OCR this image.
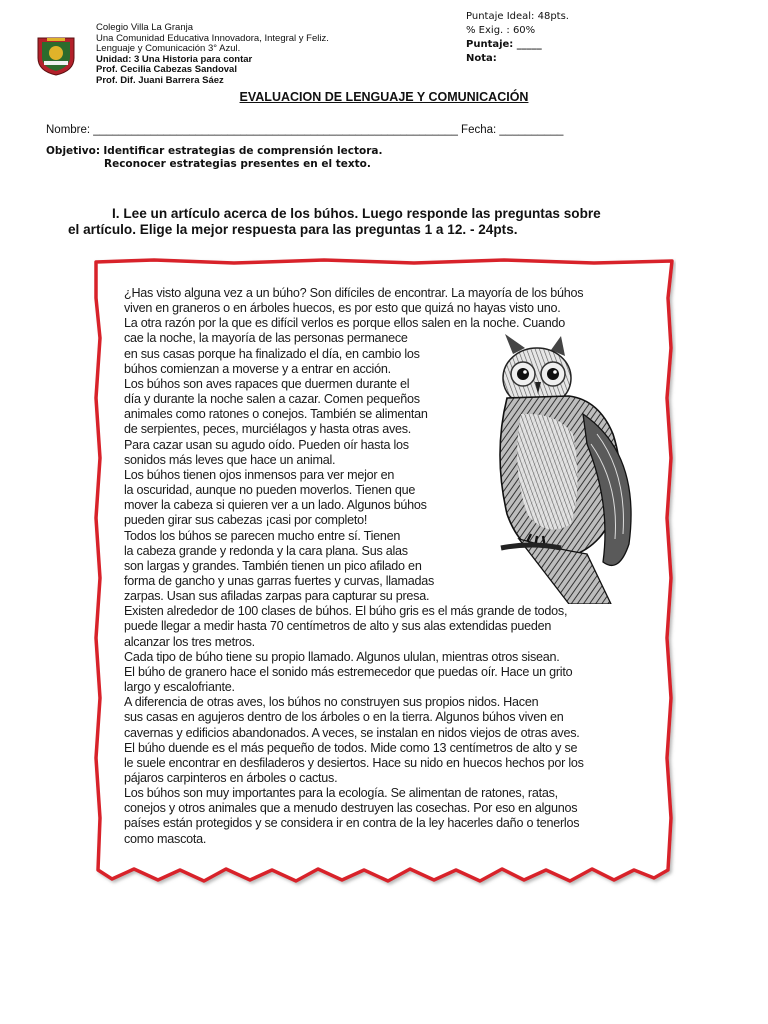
Colegio Villa La Granja
Una Comunidad Educativa Innovadora, Integral y Feliz.
Lenguaje y Comunicación 3° Azul.
Unidad: 3 Una Historia para contar
Prof. Cecilia Cabezas Sandoval
Prof. Dif. Juani Barrera Sáez
Puntaje Ideal: 48pts.
% Exig. : 60%
Puntaje: _____
Nota:
EVALUACION DE LENGUAJE Y COMUNICACIÓN
Nombre: _________________________________________________________ Fecha: __________
Objetivo: Identificar estrategias de comprensión lectora.
Reconocer estrategias presentes en el texto.
I. Lee un artículo acerca de los búhos. Luego responde las preguntas sobre
el artículo. Elige la mejor respuesta para las preguntas 1 a 12. - 24pts.

¿Has visto alguna vez a un búho? Son difíciles de encontrar. La mayoría de los búhos

viven en graneros o en árboles huecos, es por esto que quizá no hayas visto uno.

La otra razón por la que es difícil verlos es porque ellos salen en la noche. Cuando

cae la noche, la mayoría de las personas permanece

en sus casas porque ha finalizado el día, en cambio los

búhos comienzan a moverse y a entrar en acción.

Los búhos son aves rapaces que duermen durante el

día y durante la noche salen a cazar. Comen pequeños

animales como ratones o conejos. También se alimentan

de serpientes, peces, murciélagos y hasta otras aves.

Para cazar usan su agudo oído. Pueden oír hasta los

sonidos más leves que hace un animal.

Los búhos tienen ojos inmensos para ver mejor en

la oscuridad, aunque no pueden moverlos. Tienen que

mover la cabeza si quieren ver a un lado. Algunos búhos

pueden girar sus cabezas ¡casi por completo!

Todos los búhos se parecen mucho entre sí. Tienen

la cabeza grande y redonda y la cara plana. Sus alas

son largas y grandes. También tienen un pico afilado en

forma de gancho y unas garras fuertes y curvas, llamadas

zarpas. Usan sus afiladas zarpas para capturar su presa.

Existen alrededor de 100 clases de búhos. El búho gris es el más grande de todos,

puede llegar a medir hasta 70 centímetros de alto y sus alas extendidas pueden

alcanzar los tres metros.

Cada tipo de búho tiene su propio llamado. Algunos ululan, mientras otros sisean.

El búho de granero hace el sonido más estremecedor que puedas oír. Hace un grito

largo y escalofriante.

A diferencia de otras aves, los búhos no construyen sus propios nidos. Hacen

sus casas en agujeros dentro de los árboles o en la tierra. Algunos búhos viven en

cavernas y edificios abandonados. A veces, se instalan en nidos viejos de otras aves.

El búho duende es el más pequeño de todos. Mide como 13 centímetros de alto y se

le suele encontrar en desfiladeros y desiertos. Hace su nido en huecos hechos por los

pájaros carpinteros en árboles o cactus.

Los búhos son muy importantes para la ecología. Se alimentan de ratones, ratas,

conejos y otros animales que a menudo destruyen las cosechas. Por eso en algunos

países están protegidos y se considera ir en contra de la ley hacerles daño o tenerlos

como mascota.
